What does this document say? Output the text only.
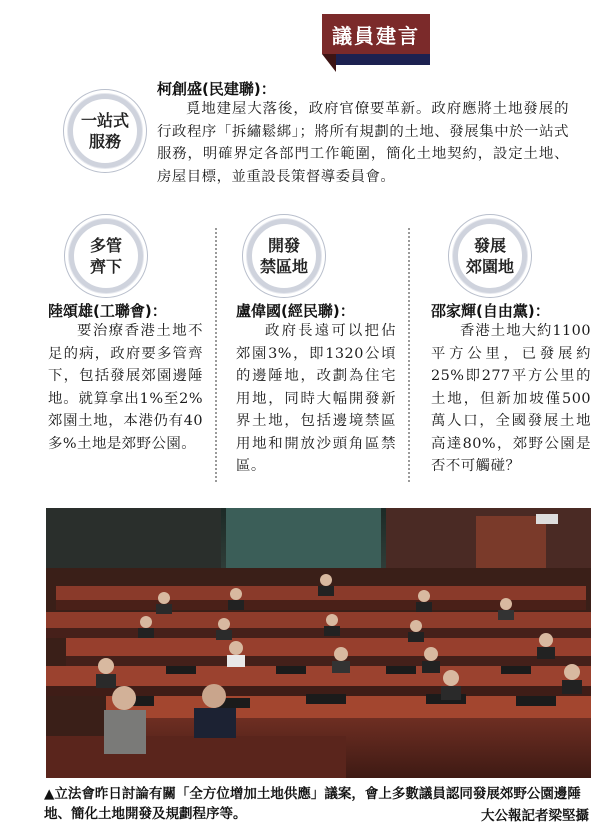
議員建言
一站式
服務
柯創盛(民建聯)：
覓地建屋大落後，政府官僚要革新。政府應將土地發展的行政程序「拆繡鬆綁」；將所有規劃的土地、發展集中於一站式服務，明確界定各部門工作範圍，簡化土地契約，設定土地、房屋目標，並重設長策督導委員會。
多管
齊下
開發
禁區地
發展
郊園地
陸頌雄(工聯會)：
要治療香港土地不足的病，政府要多管齊下，包括發展郊園邊陲地。就算拿出1%至2%郊園土地，本港仍有40多%土地是郊野公園。
盧偉國(經民聯)：
政府長遠可以把佔郊園3%，即1320公頃的邊陲地，改劃為住宅用地，同時大幅開發新界土地，包括邊境禁區用地和開放沙頭角區禁區。
邵家輝(自由黨)：
香港土地大約1100平方公里，已發展約25%即277平方公里的土地，但新加坡僅500萬人口，全國發展土地高達80%，郊野公園是否不可觸碰？
▲立法會昨日討論有關「全方位增加土地供應」議案，會上多數議員認同發展郊野公園邊陲地、簡化土地開發及規劃程序等。	大公報記者梁堅攝
